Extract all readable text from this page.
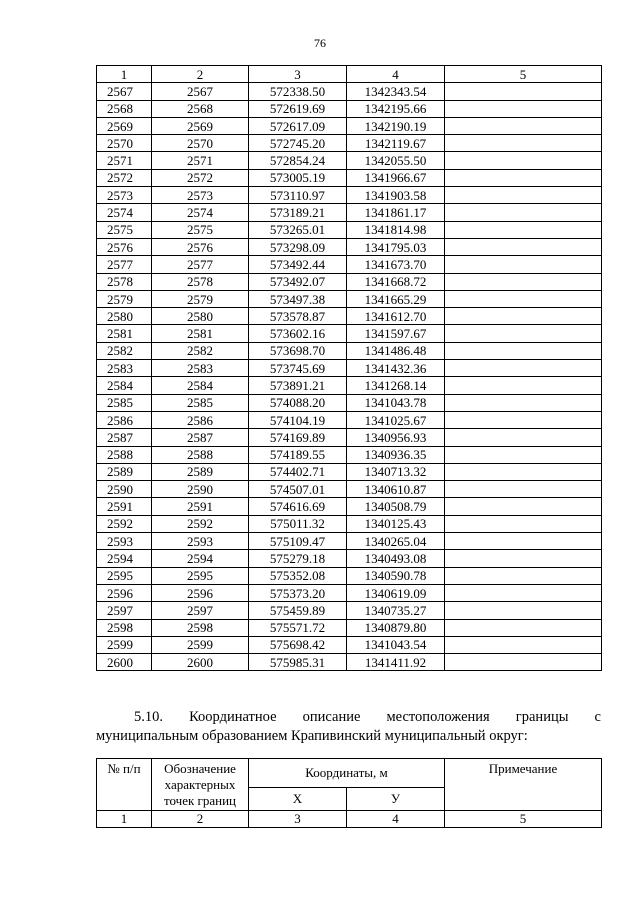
76
1	2	3	4	5
2567	2567	572338.50	1342343.54	
2568	2568	572619.69	1342195.66	
2569	2569	572617.09	1342190.19	
2570	2570	572745.20	1342119.67	
2571	2571	572854.24	1342055.50	
2572	2572	573005.19	1341966.67	
2573	2573	573110.97	1341903.58	
2574	2574	573189.21	1341861.17	
2575	2575	573265.01	1341814.98	
2576	2576	573298.09	1341795.03	
2577	2577	573492.44	1341673.70	
2578	2578	573492.07	1341668.72	
2579	2579	573497.38	1341665.29	
2580	2580	573578.87	1341612.70	
2581	2581	573602.16	1341597.67	
2582	2582	573698.70	1341486.48	
2583	2583	573745.69	1341432.36	
2584	2584	573891.21	1341268.14	
2585	2585	574088.20	1341043.78	
2586	2586	574104.19	1341025.67	
2587	2587	574169.89	1340956.93	
2588	2588	574189.55	1340936.35	
2589	2589	574402.71	1340713.32	
2590	2590	574507.01	1340610.87	
2591	2591	574616.69	1340508.79	
2592	2592	575011.32	1340125.43	
2593	2593	575109.47	1340265.04	
2594	2594	575279.18	1340493.08	
2595	2595	575352.08	1340590.78	
2596	2596	575373.20	1340619.09	
2597	2597	575459.89	1340735.27	
2598	2598	575571.72	1340879.80	
2599	2599	575698.42	1341043.54	
2600	2600	575985.31	1341411.92	
5.10. Координатное описание местоположения границы с
муниципальным образованием Крапивинский муниципальный округ:
№ п/п	Обозначение
характерных
точек границ	Координаты, м		Примечание
		X	У	
1	2	3	4	5
